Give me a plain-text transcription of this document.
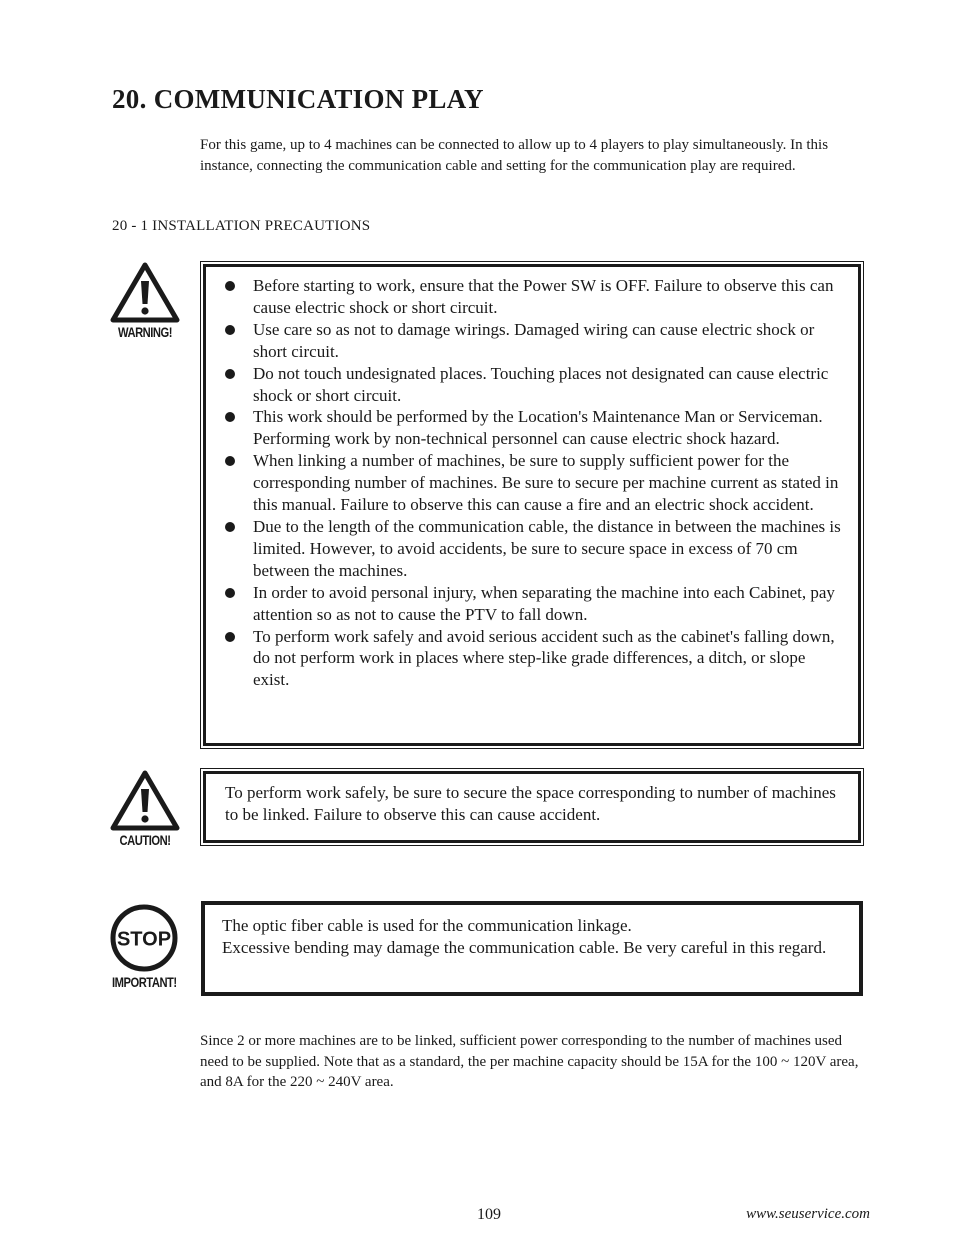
20. COMMUNICATION PLAY
For this game, up to 4 machines can be connected to allow up to 4 players to play simultaneously. In this instance, connecting the communication cable and setting for the communication play are required.
20 - 1 INSTALLATION PRECAUTIONS
WARNING!
Before starting to work, ensure that the Power SW is OFF. Failure to observe this can cause electric shock or short circuit.
Use care so as not to damage wirings. Damaged wiring can cause electric shock or short circuit.
Do not touch undesignated places. Touching places not designated can cause electric shock or short circuit.
This work should be performed by the Location's Maintenance Man or Serviceman. Performing work by non-technical personnel can cause electric shock hazard.
When linking a number of machines, be sure to supply sufficient power for the corresponding number of machines. Be sure to secure per machine current as stated in this manual. Failure to observe this can cause a fire and an electric shock accident.
Due to the length of the communication cable, the distance in between the machines is limited. However, to avoid accidents, be sure to secure space in excess of 70 cm between the machines.
In order to avoid personal injury, when separating the machine into each Cabinet, pay attention so as not to cause the PTV to fall down.
To perform work safely and avoid serious accident such as the cabinet's falling down, do not perform work in places where step-like grade differences, a ditch, or slope exist.
CAUTION!
To perform work safely, be sure to secure the space corresponding to number of machines to be linked. Failure to observe this can cause accident.
STOP
IMPORTANT!
The optic fiber cable is used for the communication linkage.
Excessive bending may damage the communication cable. Be very careful in this regard.
Since 2 or more machines are to be linked, sufficient power corresponding to the number of machines used need to be supplied. Note that as a standard, the per machine capacity should be 15A for the 100 ~ 120V area, and 8A for the 220 ~ 240V area.
109	www.seuservice.com
